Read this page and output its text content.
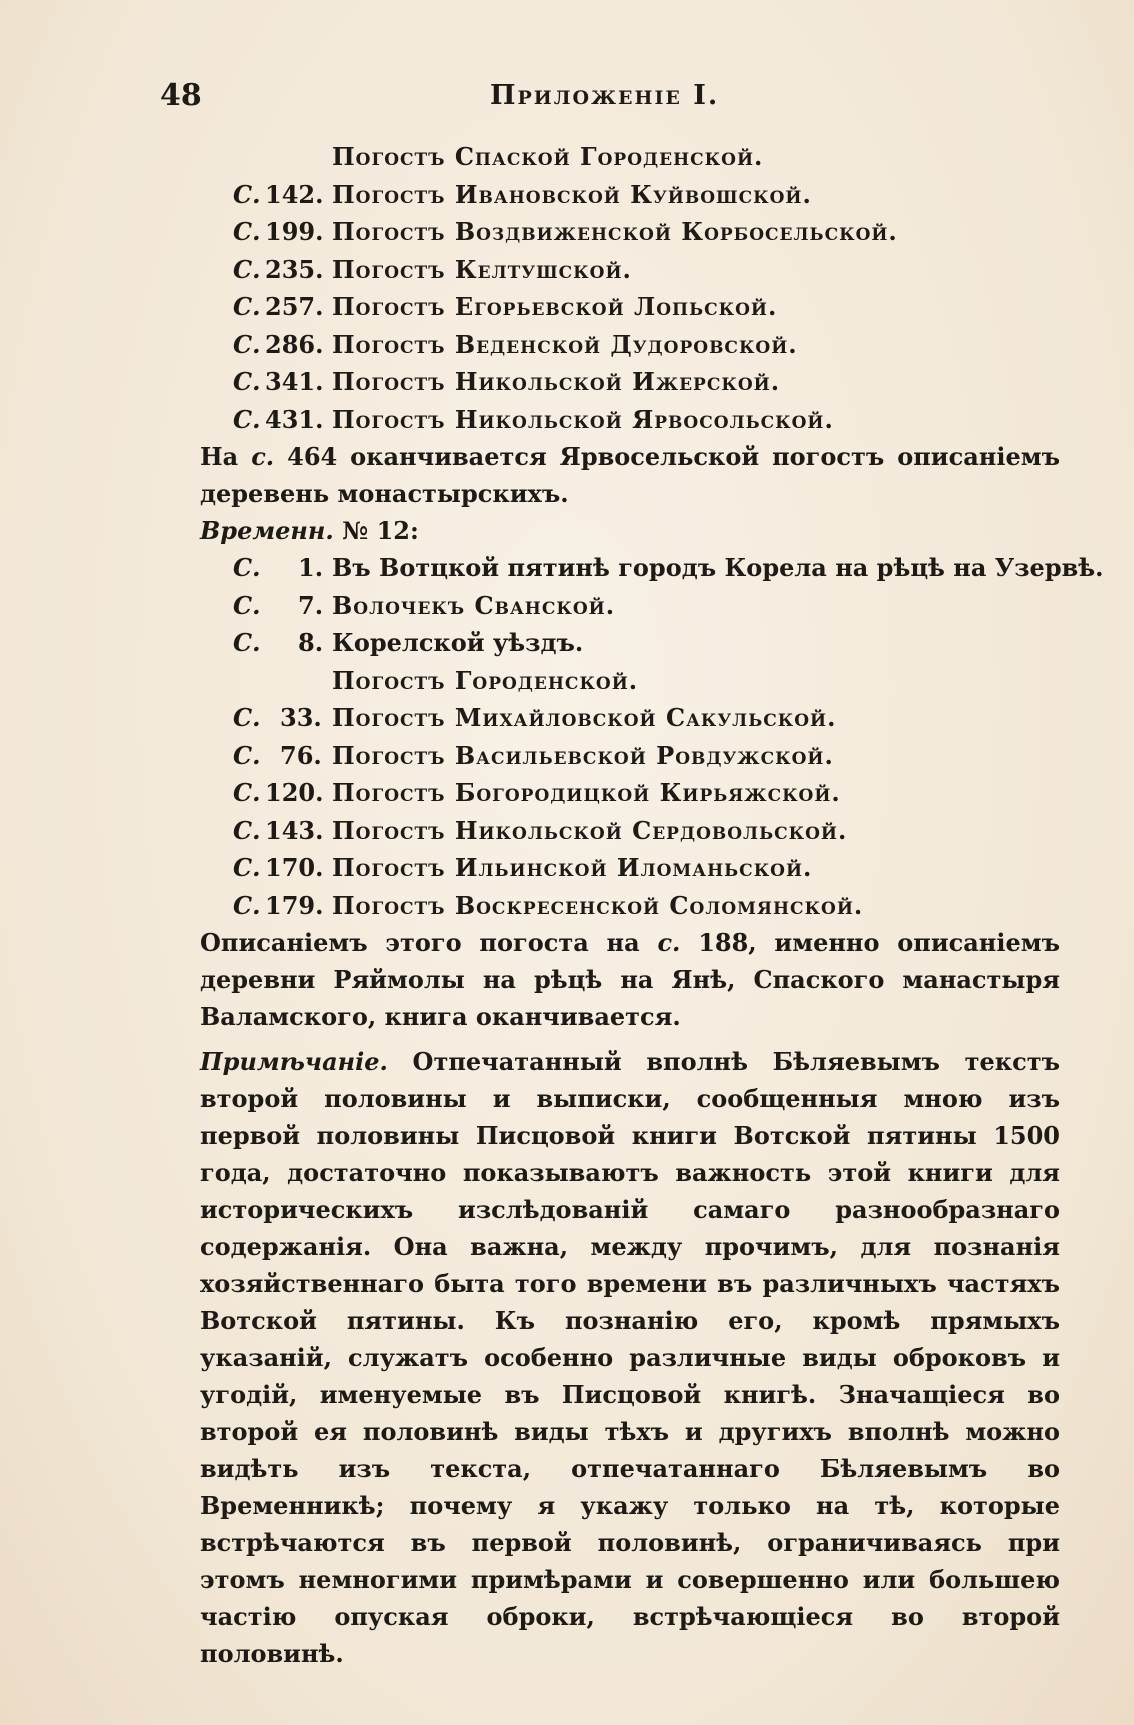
48	Приложеніе I.
Погостъ Спаской Городенской.
С. 142. Погостъ Ивановской Куйвошской.
С. 199. Погостъ Воздвиженской Корбосельской.
С. 235. Погостъ Келтушской.
С. 257. Погостъ Егорьевской Лопьской.
С. 286. Погостъ Веденской Дудоровской.
С. 341. Погостъ Никольской Ижерской.
С. 431. Погостъ Никольской Ярвосольской.

На с. 464 оканчивается Ярвосельской погостъ описаніемъ деревень монастырскихъ.

Временн. № 12:
С. 1. Въ Вотцкой пятинѣ городъ Корела на рѣцѣ на Узервѣ.
С. 7. Волочекъ Сванской.
С. 8. Корелской уѣздъ.
Погостъ Городенской.
С. 33. Погостъ Михайловской Сакульской.
С. 76. Погостъ Васильевской Ровдужской.
С. 120. Погостъ Богородицкой Кирьяжской.
С. 143. Погостъ Никольской Сердовольской.
С. 170. Погостъ Ильинской Иломаньской.
С. 179. Погостъ Воскресенской Соломянской.

Описаніемъ этого погоста на с. 188, именно описаніемъ деревни Ряймолы на рѣцѣ на Янѣ, Спаского манастыря Валамского, книга оканчивается.

Примѣчаніе. Отпечатанный вполнѣ Бѣляевымъ текстъ второй половины и выписки, сообщенныя мною изъ первой половины Писцовой книги Вотской пятины 1500 года, достаточно показываютъ важность этой книги для историческихъ изслѣдованій самаго разнообразнаго содержанія. Она важна, между прочимъ, для познанія хозяйственнаго быта того времени въ различныхъ частяхъ Вотской пятины. Къ познанію его, кромѣ прямыхъ указаній, служатъ особенно различные виды оброковъ и угодій, именуемые въ Писцовой книгѣ. Значащіеся во второй ея половинѣ виды тѣхъ и другихъ вполнѣ можно видѣть изъ текста, отпечатаннаго Бѣляевымъ во Временникѣ; почему я укажу только на тѣ, которые встрѣчаются въ первой половинѣ, ограничиваясь при этомъ немногими примѣрами и совершенно или большею частію опуская оброки, встрѣчающіеся во второй половинѣ.
